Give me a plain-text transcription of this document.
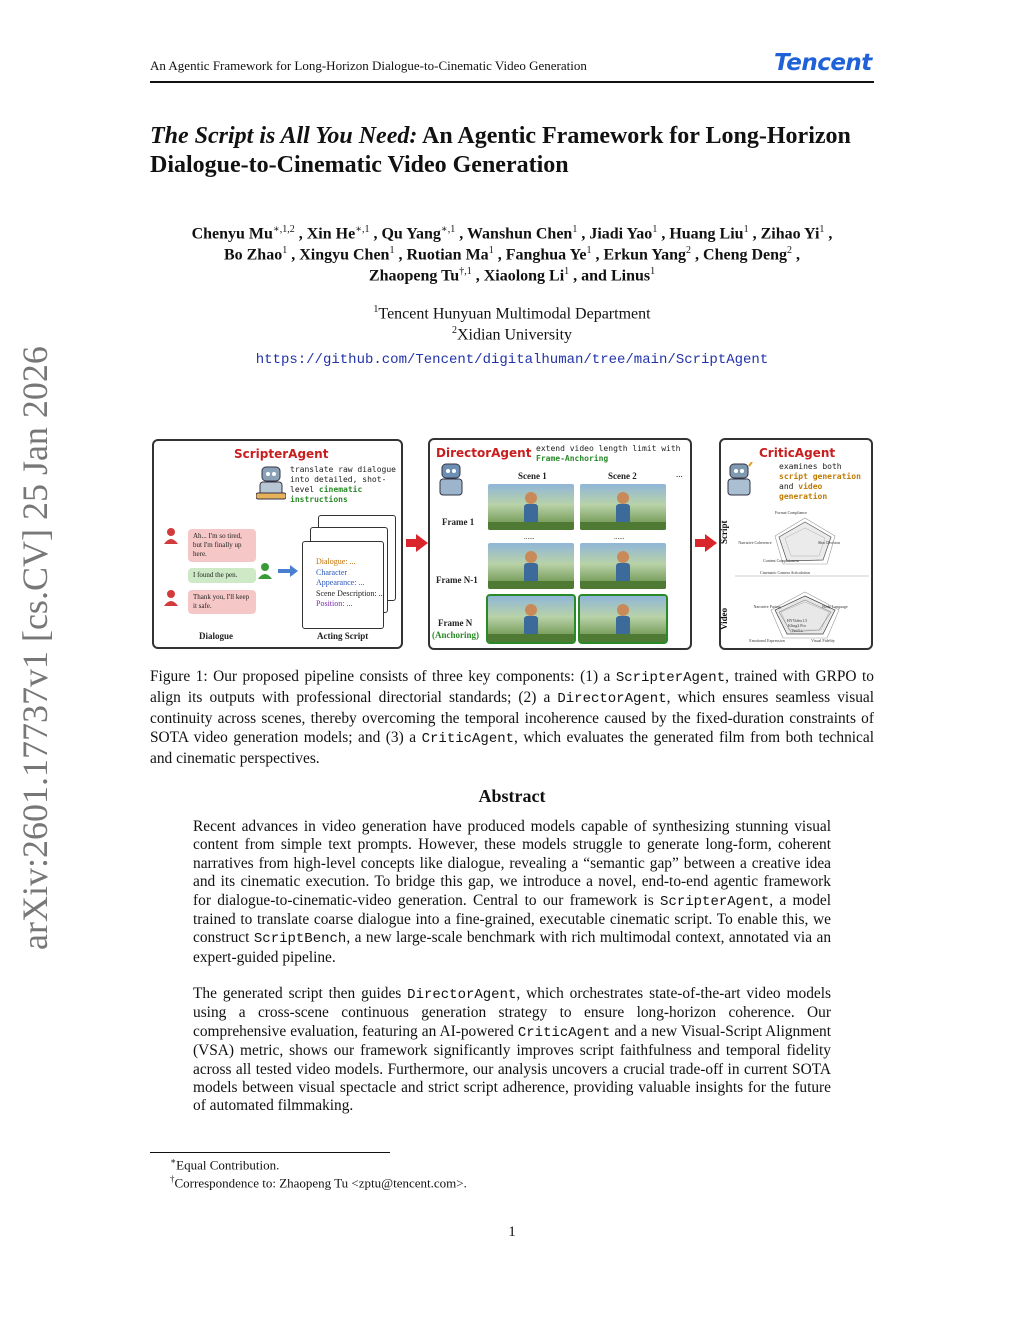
An Agentic Framework for Long-Horizon Dialogue-to-Cinematic Video Generation	Tencent
arXiv:2601.17737v1 [cs.CV] 25 Jan 2026
The Script is All You Need: An Agentic Framework for Long-Horizon
Dialogue-to-Cinematic Video Generation
Chenyu $Mu^{∗,1,2}$ , Xin $He^{∗,1}$ , Qu Yang$^{∗,1}$ , Wanshun Chen$^1$ , Jiadi Yao$^1$ , Huang Liu$^1$ , Zihao Yi$^1$ ,
Bo Zhao$^1$ , Xingyu Chen$^1$ , Ruotian Ma$^1$ , Fanghua Ye$^1$ , Erkun Yang$^2$ , Cheng Deng$^2$ ,
Zhaopeng $Tu^{\dagger,1}$ , Xiaolong Li$^1$ , and Linus$^1$
$^1$Tencent Hunyuan Multimodal Department
$^2$Xidian University
https://github.com/Tencent/digitalhuman/tree/main/ScriptAgent
ScripterAgent
translate raw dialogue into detailed, shot-level cinematic instructions
Ah... I'm so tired, but I'm finally up here.
I found the pen.
Thank you, I'll keep it safe.
Dialogue: ...
Character Appearance: ...
Scene Description: ...
Position: ...
Dialogue	Acting Script
DirectorAgent extend video length limit with
Frame-Anchoring
Scene 1	Scene 2	...
Frame 1
Frame N-1
Frame N
(Anchoring)
......	......
CriticAgent
examines both script generation and video generation
Script
Video
Format Compliance
Shot Division
Cinematic Camera Articulation
Content Completeness
Narrative Coherence
Narrative Pacing	Body Language
Visual Fidelity
Emotional Expression
HYVideo1.5
Kling2.Pro
Veo3.x
Figure 1: Our proposed pipeline consists of three key components: (1) a ScripterAgent, trained with GRPO to align its outputs with professional directorial standards; (2) a DirectorAgent, which ensures seamless visual continuity across scenes, thereby overcoming the temporal incoherence caused by the fixed-duration constraints of SOTA video generation models; and (3) a CriticAgent, which evaluates the generated film from both technical and cinematic perspectives.
Abstract
Recent advances in video generation have produced models capable of synthesizing stunning visual content from simple text prompts. However, these models struggle to generate long-form, coherent narratives from high-level concepts like dialogue, revealing a “semantic gap” between a creative idea and its cinematic execution. To bridge this gap, we introduce a novel, end-to-end agentic framework for dialogue-to-cinematic-video generation. Central to our framework is ScripterAgent, a model trained to translate coarse dialogue into a fine-grained, executable cinematic script. To enable this, we construct ScriptBench, a new large-scale benchmark with rich multimodal context, annotated via an expert-guided pipeline.
The generated script then guides DirectorAgent, which orchestrates state-of-the-art video models using a cross-scene continuous generation strategy to ensure long-horizon coherence. Our comprehensive evaluation, featuring an AI-powered CriticAgent and a new Visual-Script Alignment (VSA) metric, shows our framework significantly improves script faithfulness and temporal fidelity across all tested video models. Furthermore, our analysis uncovers a crucial trade-off in current SOTA models between visual spectacle and strict script adherence, providing valuable insights for the future of automated filmmaking.
∗Equal Contribution.
†Correspondence to: Zhaopeng Tu <zptu@tencent.com>.
1
